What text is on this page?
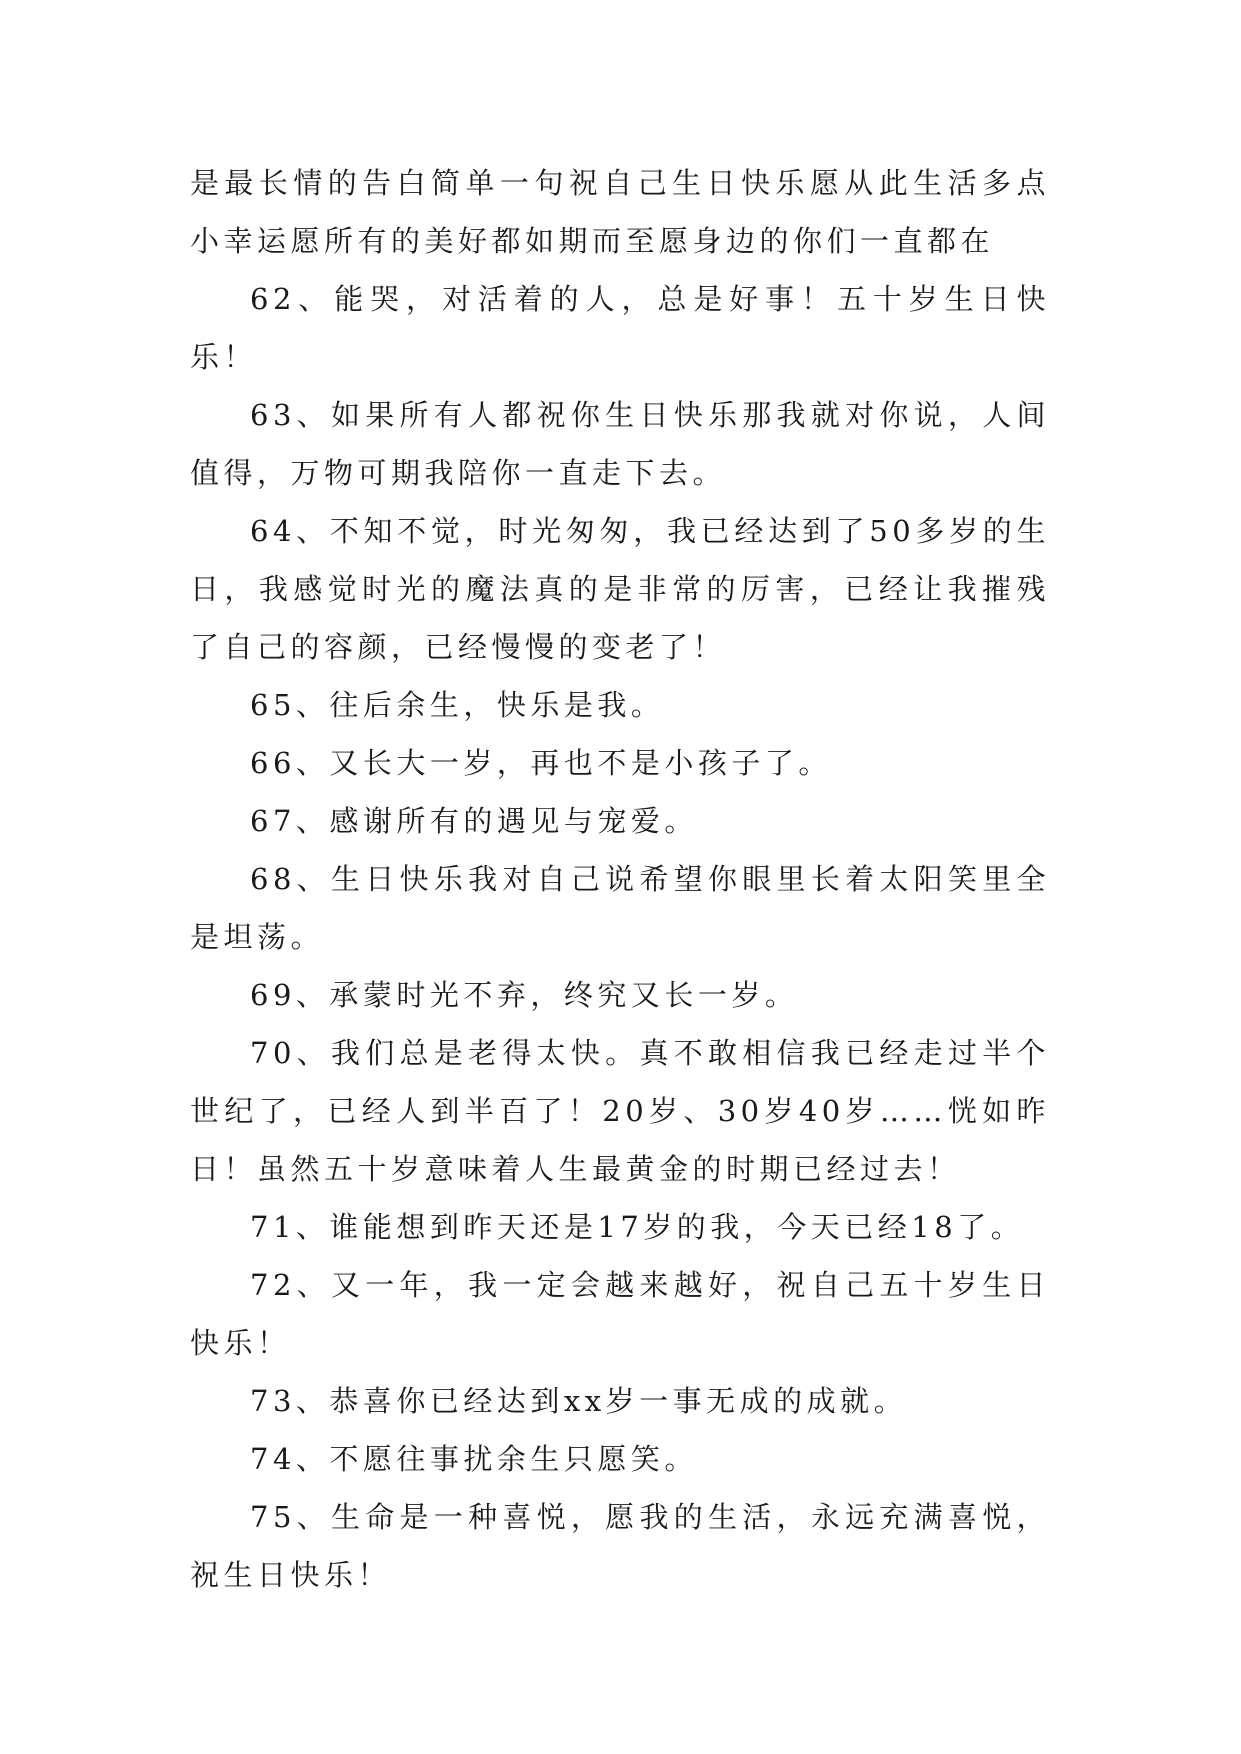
是最长情的告白简单一句祝自己生日快乐愿从此生活多点小幸运愿所有的美好都如期而至愿身边的你们一直都在

62、能哭，对活着的人，总是好事！五十岁生日快乐！

63、如果所有人都祝你生日快乐那我就对你说，人间值得，万物可期我陪你一直走下去。

64、不知不觉，时光匆匆，我已经达到了50多岁的生日，我感觉时光的魔法真的是非常的厉害，已经让我摧残了自己的容颜，已经慢慢的变老了！

65、往后余生，快乐是我。

66、又长大一岁，再也不是小孩子了。

67、感谢所有的遇见与宠爱。

68、生日快乐我对自己说希望你眼里长着太阳笑里全是坦荡。

69、承蒙时光不弃，终究又长一岁。

70、我们总是老得太快。真不敢相信我已经走过半个世纪了，已经人到半百了！20岁、30岁40岁……恍如昨日！虽然五十岁意味着人生最黄金的时期已经过去！

71、谁能想到昨天还是17岁的我，今天已经18了。

72、又一年，我一定会越来越好，祝自己五十岁生日快乐！

73、恭喜你已经达到xx岁一事无成的成就。

74、不愿往事扰余生只愿笑。

75、生命是一种喜悦，愿我的生活，永远充满喜悦，祝生日快乐！
